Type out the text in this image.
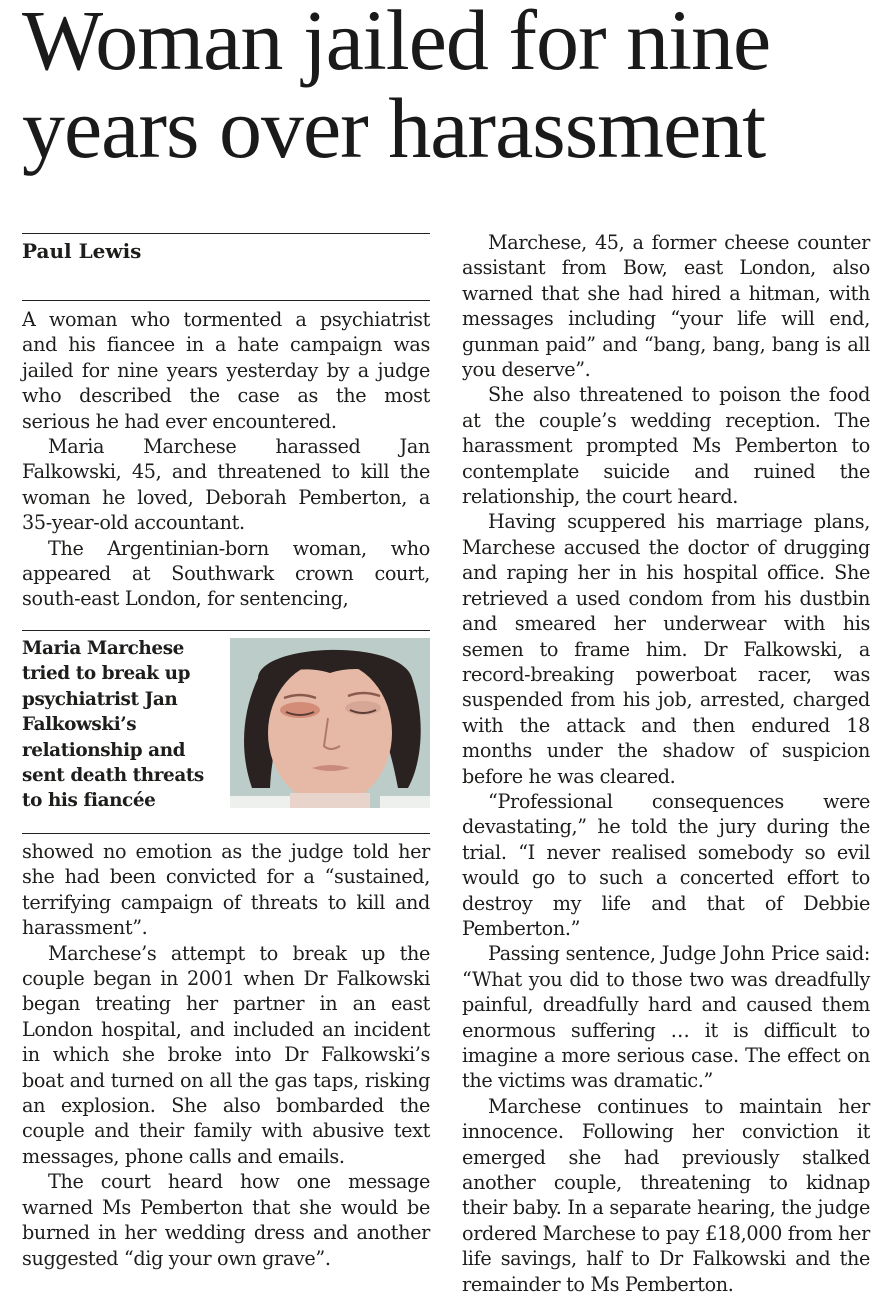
Woman jailed for nine years over harassment

Paul Lewis

A woman who tormented a psychiatrist and his fiancee in a hate campaign was jailed for nine years yesterday by a judge who described the case as the most serious he had ever encountered.

Maria Marchese harassed Jan Falkowski, 45, and threatened to kill the woman he loved, Deborah Pemberton, a 35-year-old accountant.

The Argentinian-born woman, who appeared at Southwark crown court, south-east London, for sentencing,

Maria Marchese tried to break up psychiatrist Jan Falkowski’s relationship and sent death threats to his fiancée

showed no emotion as the judge told her she had been convicted for a “sustained, terrifying campaign of threats to kill and harassment”.

Marchese’s attempt to break up the couple began in 2001 when Dr Falkowski began treating her partner in an east London hospital, and included an incident in which she broke into Dr Falkowski’s boat and turned on all the gas taps, risking an explosion. She also bombarded the couple and their family with abusive text messages, phone calls and emails.

The court heard how one message warned Ms Pemberton that she would be burned in her wedding dress and another suggested “dig your own grave”.

Marchese, 45, a former cheese counter assistant from Bow, east London, also warned that she had hired a hitman, with messages including “your life will end, gunman paid” and “bang, bang, bang is all you deserve”.

She also threatened to poison the food at the couple’s wedding reception. The harassment prompted Ms Pemberton to contemplate suicide and ruined the relationship, the court heard.

Having scuppered his marriage plans, Marchese accused the doctor of drugging and raping her in his hospital office. She retrieved a used condom from his dustbin and smeared her underwear with his semen to frame him. Dr Falkowski, a record-breaking powerboat racer, was suspended from his job, arrested, charged with the attack and then endured 18 months under the shadow of suspicion before he was cleared.

“Professional consequences were devastating,” he told the jury during the trial. “I never realised somebody so evil would go to such a concerted effort to destroy my life and that of Debbie Pemberton.”

Passing sentence, Judge John Price said: “What you did to those two was dreadfully painful, dreadfully hard and caused them enormous suffering … it is difficult to imagine a more serious case. The effect on the victims was dramatic.”

Marchese continues to maintain her innocence. Following her conviction it emerged she had previously stalked another couple, threatening to kidnap their baby. In a separate hearing, the judge ordered Marchese to pay £18,000 from her life savings, half to Dr Falkowski and the remainder to Ms Pemberton.
